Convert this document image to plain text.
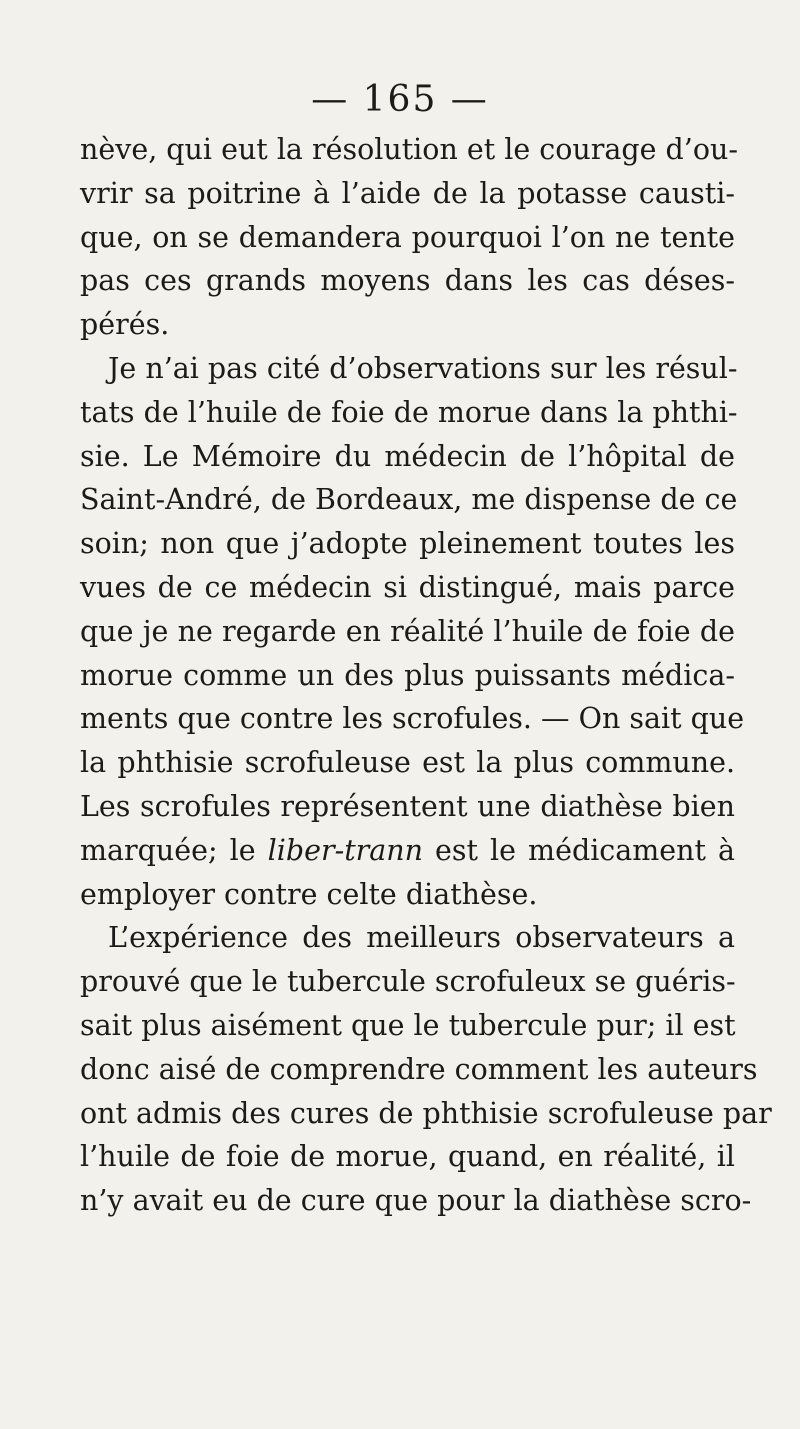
— 165 —
nève, qui eut la résolution et le courage d’ou-
vrir sa poitrine à l’aide de la potasse causti-
que, on se demandera pourquoi l’on ne tente
pas ces grands moyens dans les cas déses-
pérés.
Je n’ai pas cité d’observations sur les résul-
tats de l’huile de foie de morue dans la phthi-
sie. Le Mémoire du médecin de l’hôpital de
Saint-André, de Bordeaux, me dispense de ce
soin; non que j’adopte pleinement toutes les
vues de ce médecin si distingué, mais parce
que je ne regarde en réalité l’huile de foie de
morue comme un des plus puissants médica-
ments que contre les scrofules. — On sait que
la phthisie scrofuleuse est la plus commune.
Les scrofules représentent une diathèse bien
marquée; le liber-trann est le médicament à
employer contre celte diathèse.
L’expérience des meilleurs observateurs a
prouvé que le tubercule scrofuleux se guéris-
sait plus aisément que le tubercule pur; il est
donc aisé de comprendre comment les auteurs
ont admis des cures de phthisie scrofuleuse par
l’huile de foie de morue, quand, en réalité, il
n’y avait eu de cure que pour la diathèse scro-
